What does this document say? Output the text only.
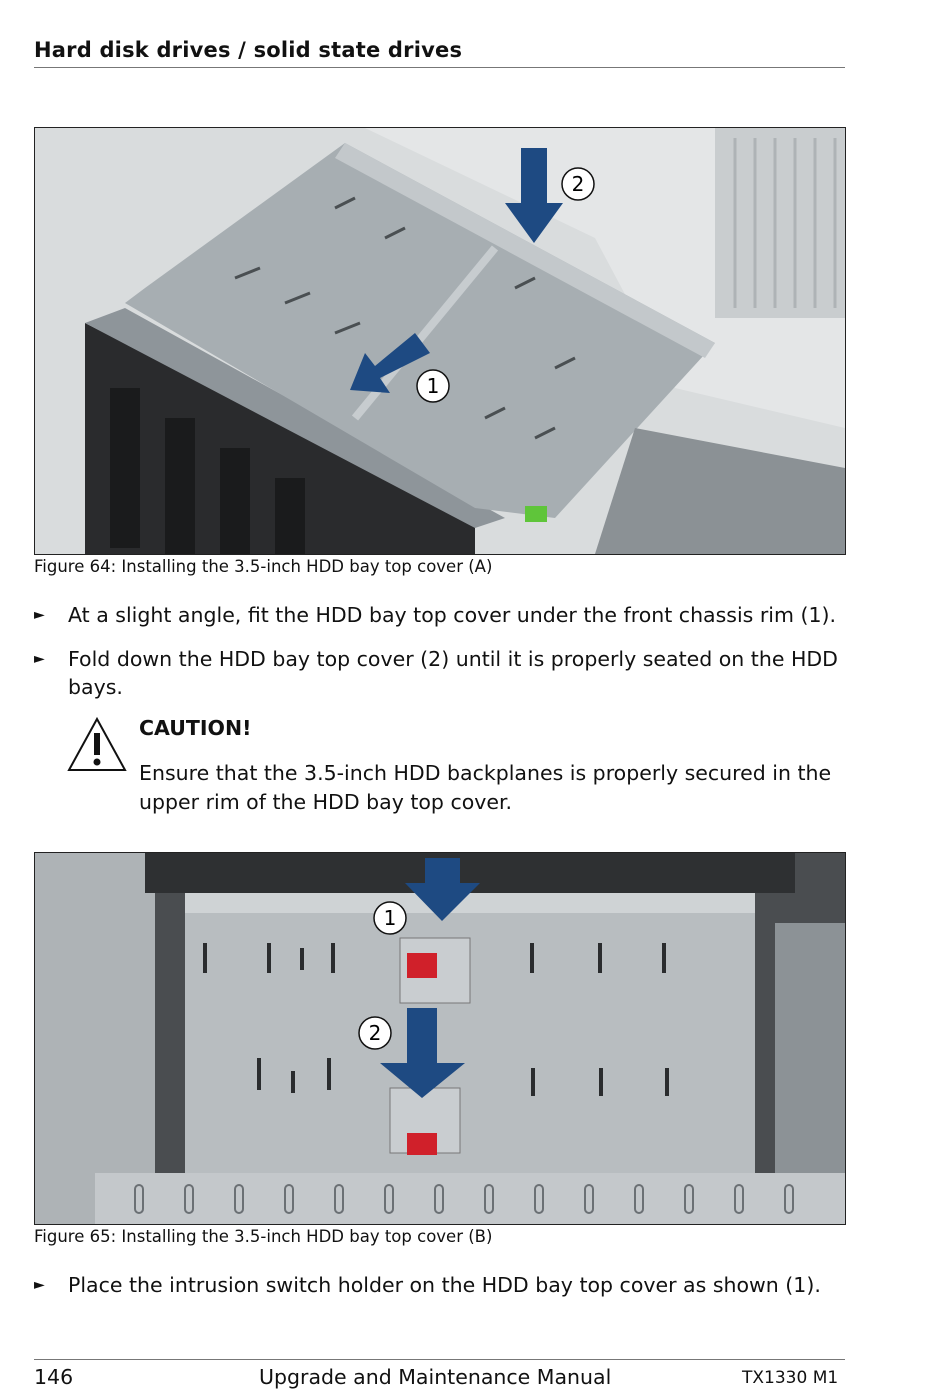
Hard disk drives / solid state drives
2
1
Figure 64: Installing the 3.5-inch HDD bay top cover (A)
► At a slight angle, fit the HDD bay top cover under the front chassis rim (1).
► Fold down the HDD bay top cover (2) until it is properly seated on the HDD bays.
CAUTION!
Ensure that the 3.5-inch HDD backplanes is properly secured in the upper rim of the HDD bay top cover.
1
2
Figure 65: Installing the 3.5-inch HDD bay top cover (B)
► Place the intrusion switch holder on the HDD bay top cover as shown (1).
146	Upgrade and Maintenance Manual	TX1330 M1
